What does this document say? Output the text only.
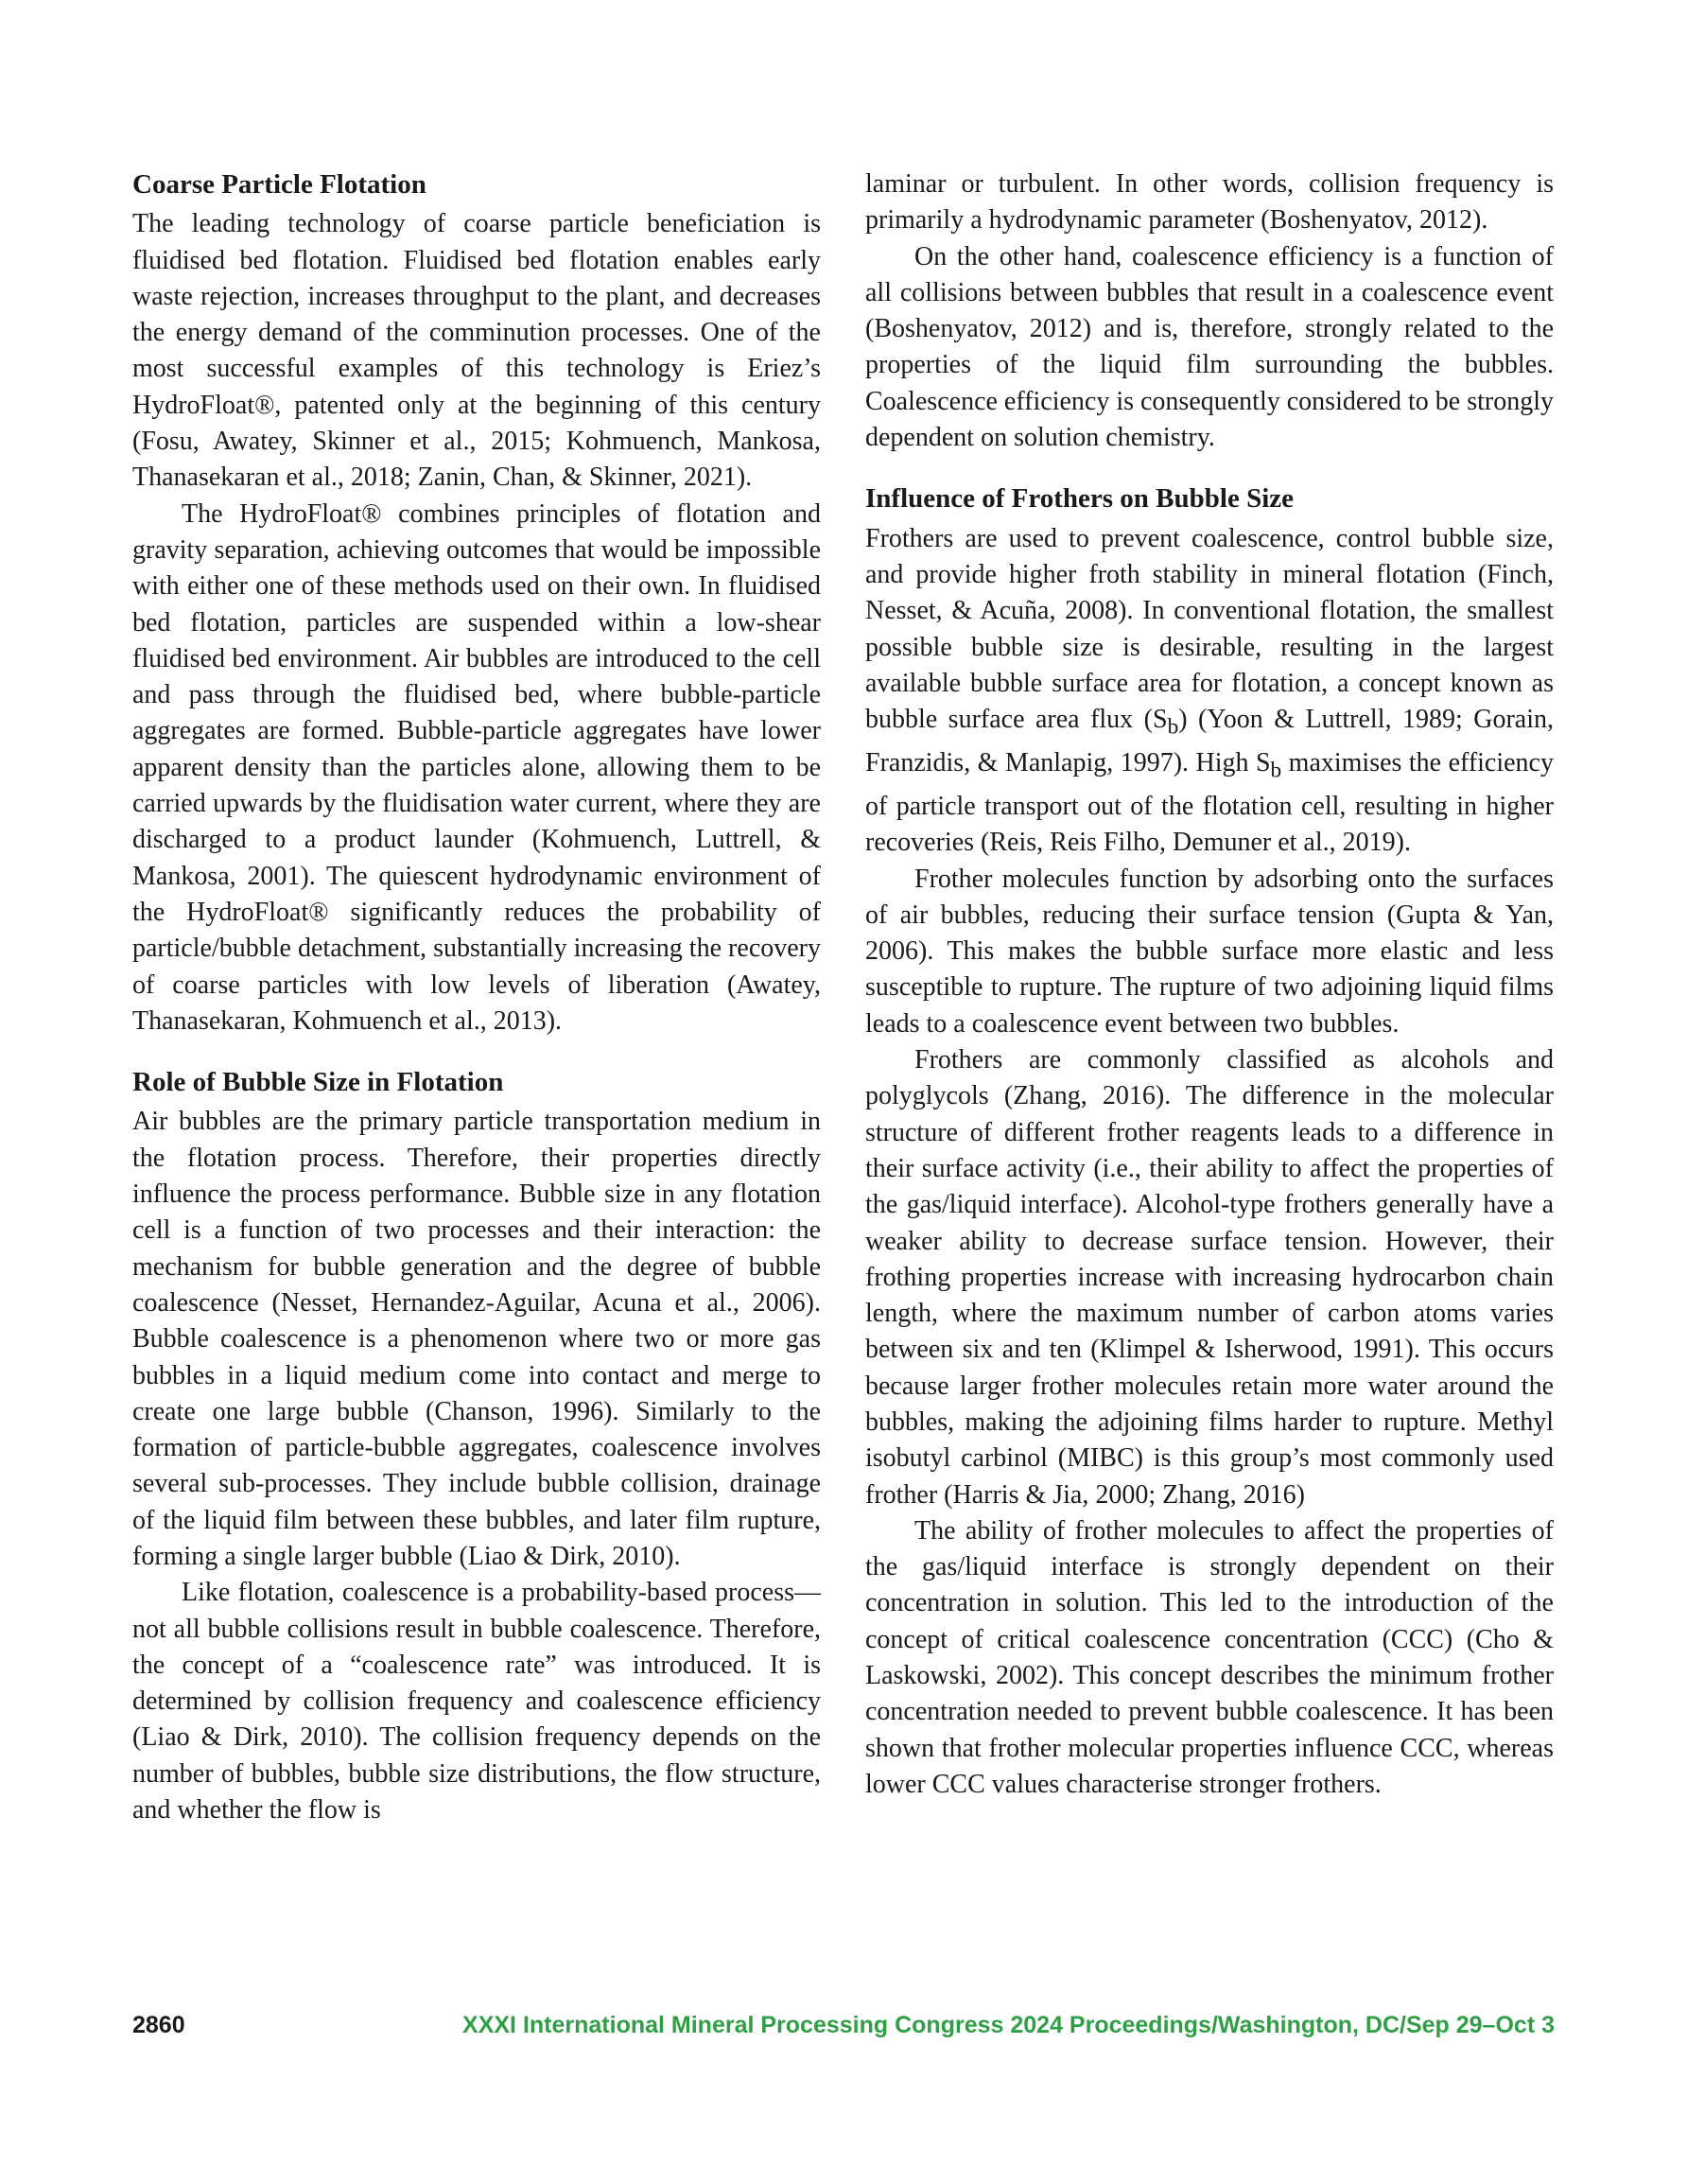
Coarse Particle Flotation

The leading technology of coarse particle beneficiation is fluidised bed flotation. Fluidised bed flotation enables early waste rejection, increases throughput to the plant, and decreases the energy demand of the comminution processes. One of the most successful examples of this technology is Eriez’s HydroFloat®, patented only at the beginning of this century (Fosu, Awatey, Skinner et al., 2015; Kohmuench, Mankosa, Thanasekaran et al., 2018; Zanin, Chan, & Skinner, 2021).

The HydroFloat® combines principles of flotation and gravity separation, achieving outcomes that would be impossible with either one of these methods used on their own. In fluidised bed flotation, particles are suspended within a low-shear fluidised bed environment. Air bubbles are introduced to the cell and pass through the fluidised bed, where bubble-particle aggregates are formed. Bubble-particle aggregates have lower apparent density than the particles alone, allowing them to be carried upwards by the fluidisation water current, where they are discharged to a product launder (Kohmuench, Luttrell, & Mankosa, 2001). The quiescent hydrodynamic environment of the HydroFloat® significantly reduces the probability of particle/bubble detachment, substantially increasing the recovery of coarse particles with low levels of liberation (Awatey, Thanasekaran, Kohmuench et al., 2013).

Role of Bubble Size in Flotation

Air bubbles are the primary particle transportation medium in the flotation process. Therefore, their properties directly influence the process performance. Bubble size in any flotation cell is a function of two processes and their interaction: the mechanism for bubble generation and the degree of bubble coalescence (Nesset, Hernandez-Aguilar, Acuna et al., 2006). Bubble coalescence is a phenomenon where two or more gas bubbles in a liquid medium come into contact and merge to create one large bubble (Chanson, 1996). Similarly to the formation of particle-bubble aggregates, coalescence involves several sub-processes. They include bubble collision, drainage of the liquid film between these bubbles, and later film rupture, forming a single larger bubble (Liao & Dirk, 2010).

Like flotation, coalescence is a probability-based process—not all bubble collisions result in bubble coalescence. Therefore, the concept of a “coalescence rate” was introduced. It is determined by collision frequency and coalescence efficiency (Liao & Dirk, 2010). The collision frequency depends on the number of bubbles, bubble size distributions, the flow structure, and whether the flow is

laminar or turbulent. In other words, collision frequency is primarily a hydrodynamic parameter (Boshenyatov, 2012).

On the other hand, coalescence efficiency is a function of all collisions between bubbles that result in a coalescence event (Boshenyatov, 2012) and is, therefore, strongly related to the properties of the liquid film surrounding the bubbles. Coalescence efficiency is consequently considered to be strongly dependent on solution chemistry.

Influence of Frothers on Bubble Size

Frothers are used to prevent coalescence, control bubble size, and provide higher froth stability in mineral flotation (Finch, Nesset, & Acuña, 2008). In conventional flotation, the smallest possible bubble size is desirable, resulting in the largest available bubble surface area for flotation, a concept known as bubble surface area flux $(S_b)$ (Yoon & Luttrell, 1989; Gorain, Franzidis, & Manlapig, 1997). High $S_b$ maximises the efficiency of particle transport out of the flotation cell, resulting in higher recoveries (Reis, Reis Filho, Demuner et al., 2019).

Frother molecules function by adsorbing onto the surfaces of air bubbles, reducing their surface tension (Gupta & Yan, 2006). This makes the bubble surface more elastic and less susceptible to rupture. The rupture of two adjoining liquid films leads to a coalescence event between two bubbles.

Frothers are commonly classified as alcohols and polyglycols (Zhang, 2016). The difference in the molecular structure of different frother reagents leads to a difference in their surface activity (i.e., their ability to affect the properties of the gas/liquid interface). Alcohol-type frothers generally have a weaker ability to decrease surface tension. However, their frothing properties increase with increasing hydrocarbon chain length, where the maximum number of carbon atoms varies between six and ten (Klimpel & Isherwood, 1991). This occurs because larger frother molecules retain more water around the bubbles, making the adjoining films harder to rupture. Methyl isobutyl carbinol (MIBC) is this group’s most commonly used frother (Harris & Jia, 2000; Zhang, 2016)

The ability of frother molecules to affect the properties of the gas/liquid interface is strongly dependent on their concentration in solution. This led to the introduction of the concept of critical coalescence concentration (CCC) (Cho & Laskowski, 2002). This concept describes the minimum frother concentration needed to prevent bubble coalescence. It has been shown that frother molecular properties influence CCC, whereas lower CCC values characterise stronger frothers.

2860	XXXI International Mineral Processing Congress 2024 Proceedings/Washington, DC/Sep 29–Oct 3
